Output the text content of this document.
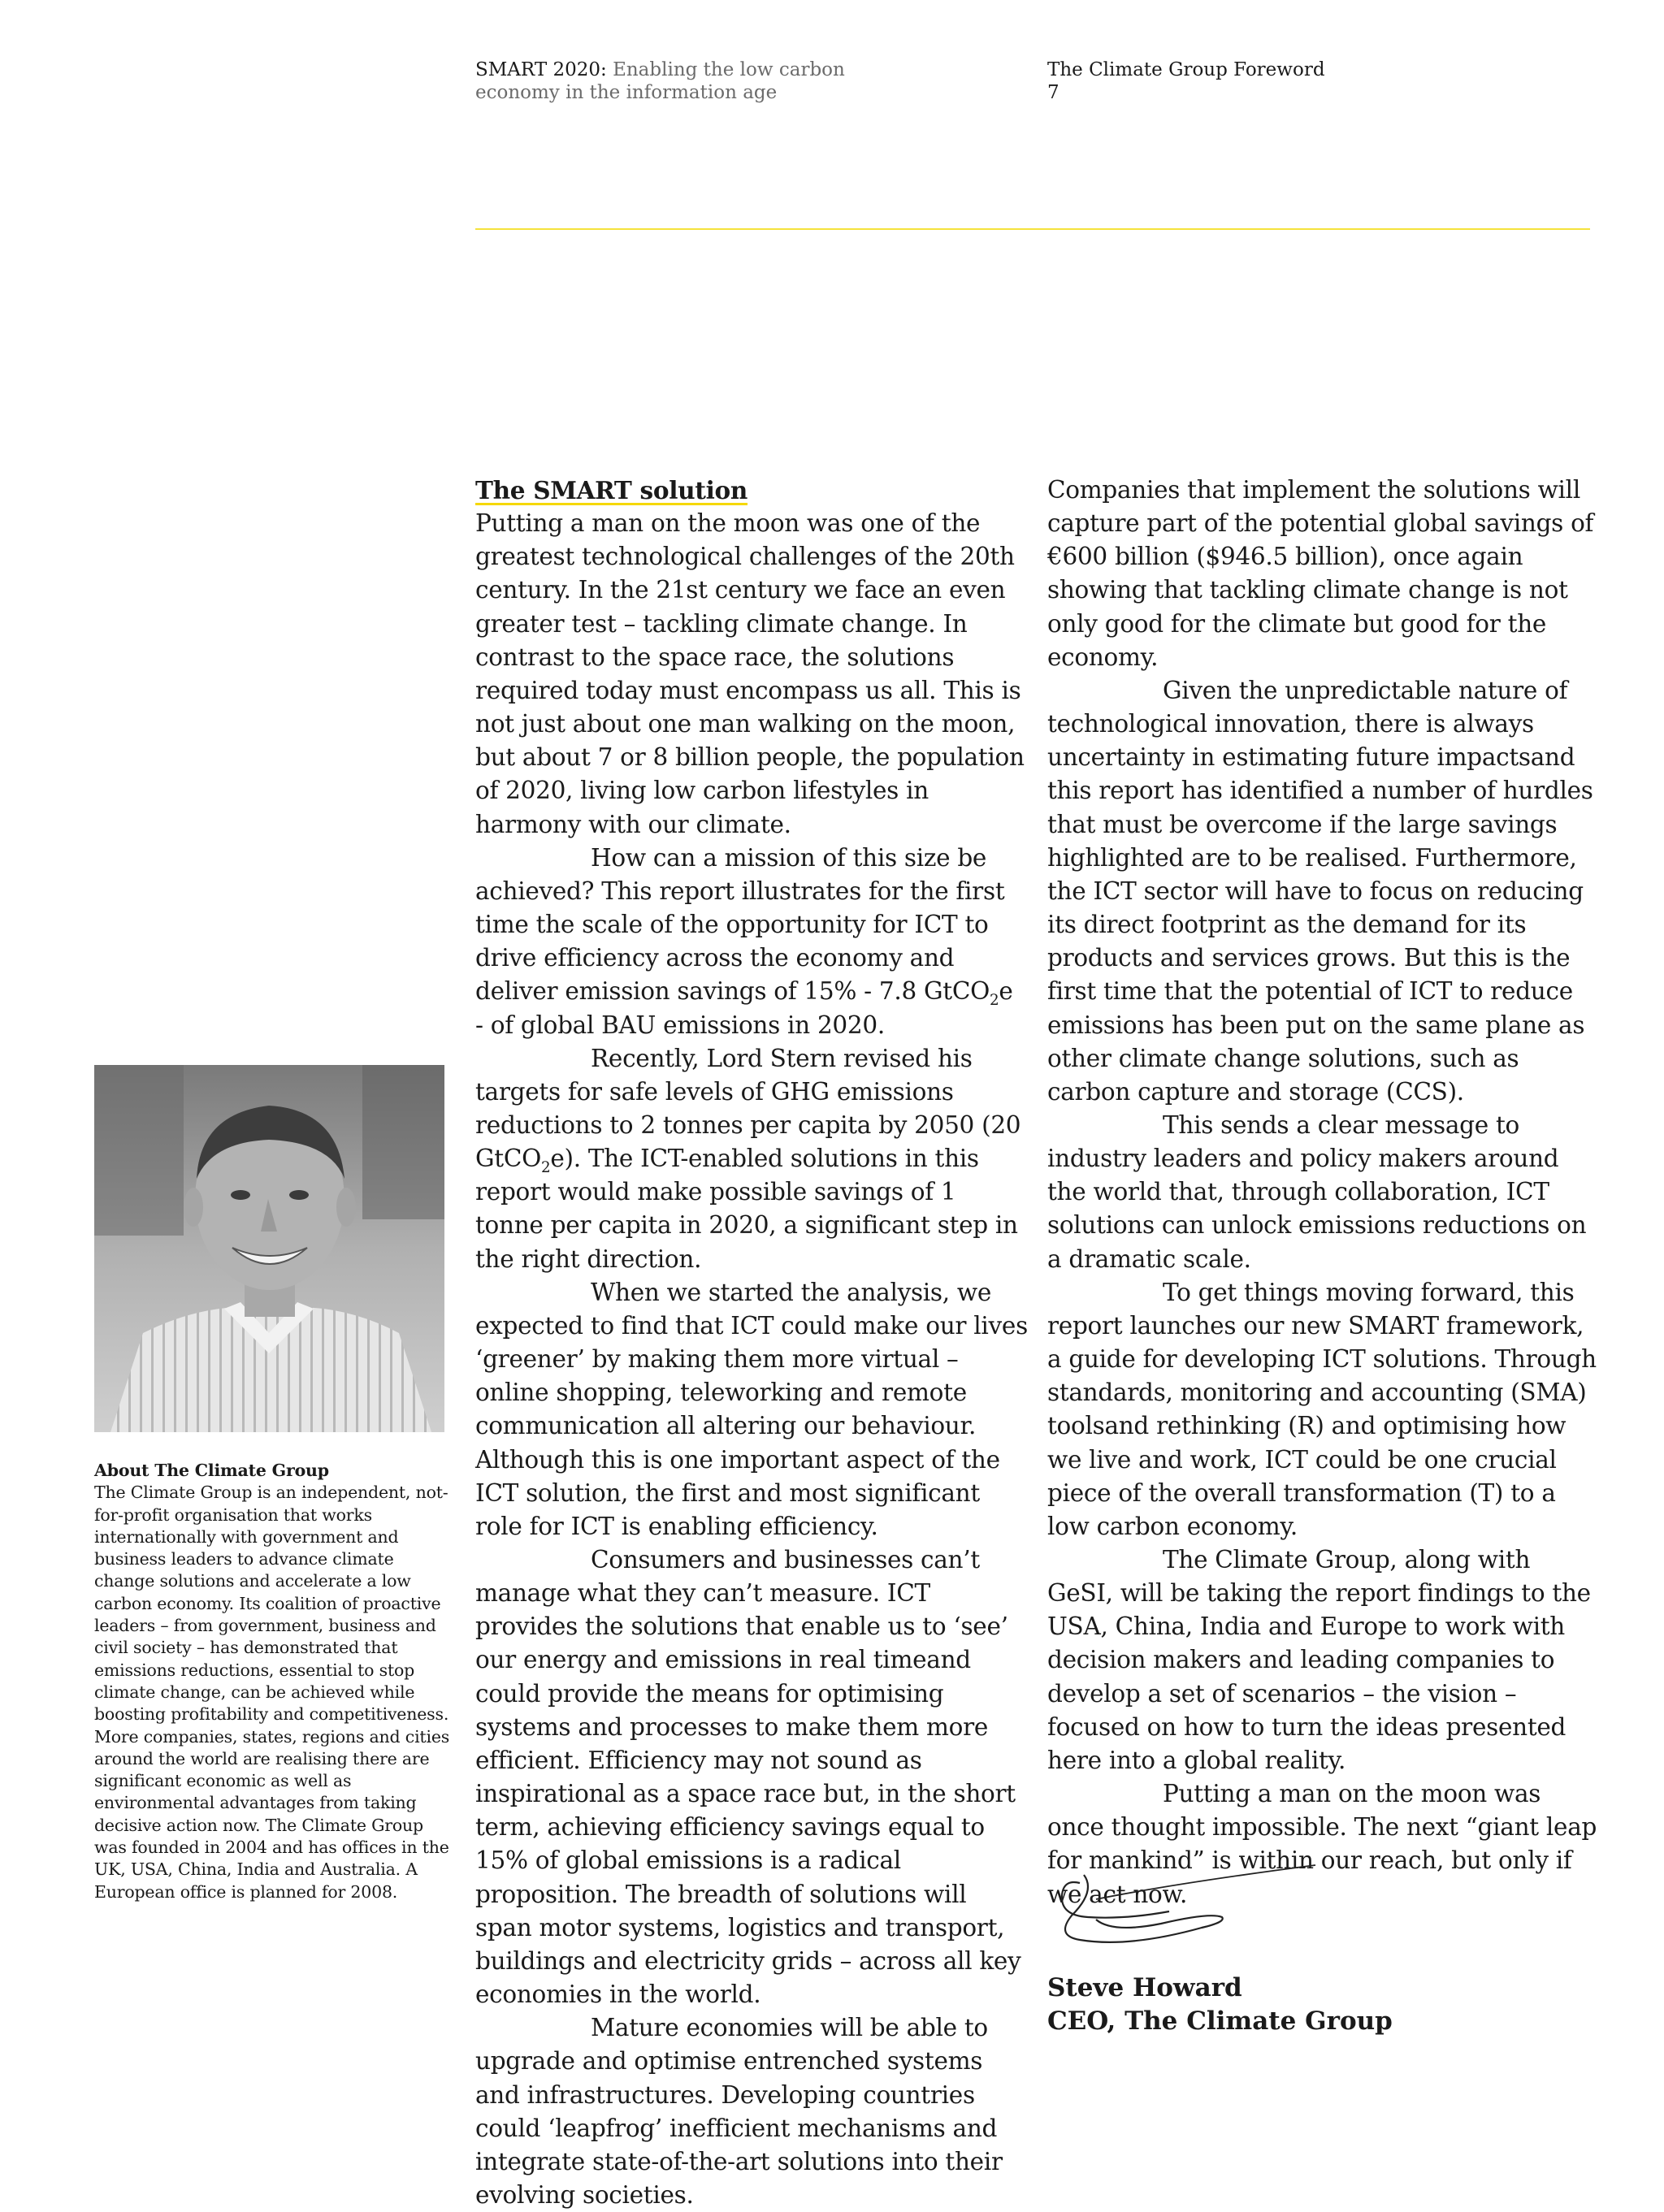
SMART 2020: Enabling the low carbon
economy in the information age
The Climate Group Foreword
7
The SMART solution

Putting a man on the moon was one of the greatest technological challenges of the 20th century. In the 21st century we face an even greater test – tackling climate change. In contrast to the space race, the solutions required today must encompass us all. This is not just about one man walking on the moon, but about 7 or 8 billion people, the population of 2020, living low carbon lifestyles in harmony with our climate.

How can a mission of this size be achieved? This report illustrates for the first time the scale of the opportunity for ICT to drive efficiency across the economy and deliver emission savings of 15% - 7.8 GtCO$_2$e - of global BAU emissions in 2020.

Recently, Lord Stern revised his targets for safe levels of GHG emissions reductions to 2 tonnes per capita by 2050 (20 GtCO$_2$e). The ICT-enabled solutions in this report would make possible savings of 1 tonne per capita in 2020, a significant step in the right direction.

When we started the analysis, we expected to find that ICT could make our lives ‘greener’ by making them more virtual – online shopping, teleworking and remote communication all altering our behaviour. Although this is one important aspect of the ICT solution, the first and most significant role for ICT is enabling efficiency.

Consumers and businesses can’t manage what they can’t measure. ICT provides the solutions that enable us to ‘see’ our energy and emissions in real timeand could provide the means for optimising systems and processes to make them more efficient. Efficiency may not sound as inspirational as a space race but, in the short term, achieving efficiency savings equal to 15% of global emissions is a radical proposition. The breadth of solutions will span motor systems, logistics and transport, buildings and electricity grids – across all key economies in the world.

Mature economies will be able to upgrade and optimise entrenched systems and infrastructures. Developing countries could ‘leapfrog’ inefficient mechanisms and integrate state-of-the-art solutions into their evolving societies.

Companies that implement the solutions will capture part of the potential global savings of €600 billion ($946.5 billion), once again showing that tackling climate change is not only good for the climate but good for the economy.

Given the unpredictable nature of technological innovation, there is always uncertainty in estimating future impactsand this report has identified a number of hurdles that must be overcome if the large savings highlighted are to be realised. Furthermore, the ICT sector will have to focus on reducing its direct footprint as the demand for its products and services grows. But this is the first time that the potential of ICT to reduce emissions has been put on the same plane as other climate change solutions, such as carbon capture and storage (CCS).

This sends a clear message to industry leaders and policy makers around the world that, through collaboration, ICT solutions can unlock emissions reductions on a dramatic scale.

To get things moving forward, this report launches our new SMART framework, a guide for developing ICT solutions. Through standards, monitoring and accounting (SMA) toolsand rethinking (R) and optimising how we live and work, ICT could be one crucial piece of the overall transformation (T) to a low carbon economy.

The Climate Group, along with GeSI, will be taking the report findings to the USA, China, India and Europe to work with decision makers and leading companies to develop a set of scenarios – the vision – focused on how to turn the ideas presented here into a global reality.

Putting a man on the moon was once thought impossible. The next “giant leap for mankind” is within our reach, but only if we act now.

About The Climate Group

The Climate Group is an independent, not-for-profit organisation that works internationally with government and business leaders to advance climate change solutions and accelerate a low carbon economy. Its coalition of proactive leaders – from government, business and civil society – has demonstrated that emissions reductions, essential to stop climate change, can be achieved while boosting profitability and competitiveness. More companies, states, regions and cities around the world are realising there are significant economic as well as environmental advantages from taking decisive action now. The Climate Group was founded in 2004 and has offices in the UK, USA, China, India and Australia. A European office is planned for 2008.

Steve Howard
CEO, The Climate Group
